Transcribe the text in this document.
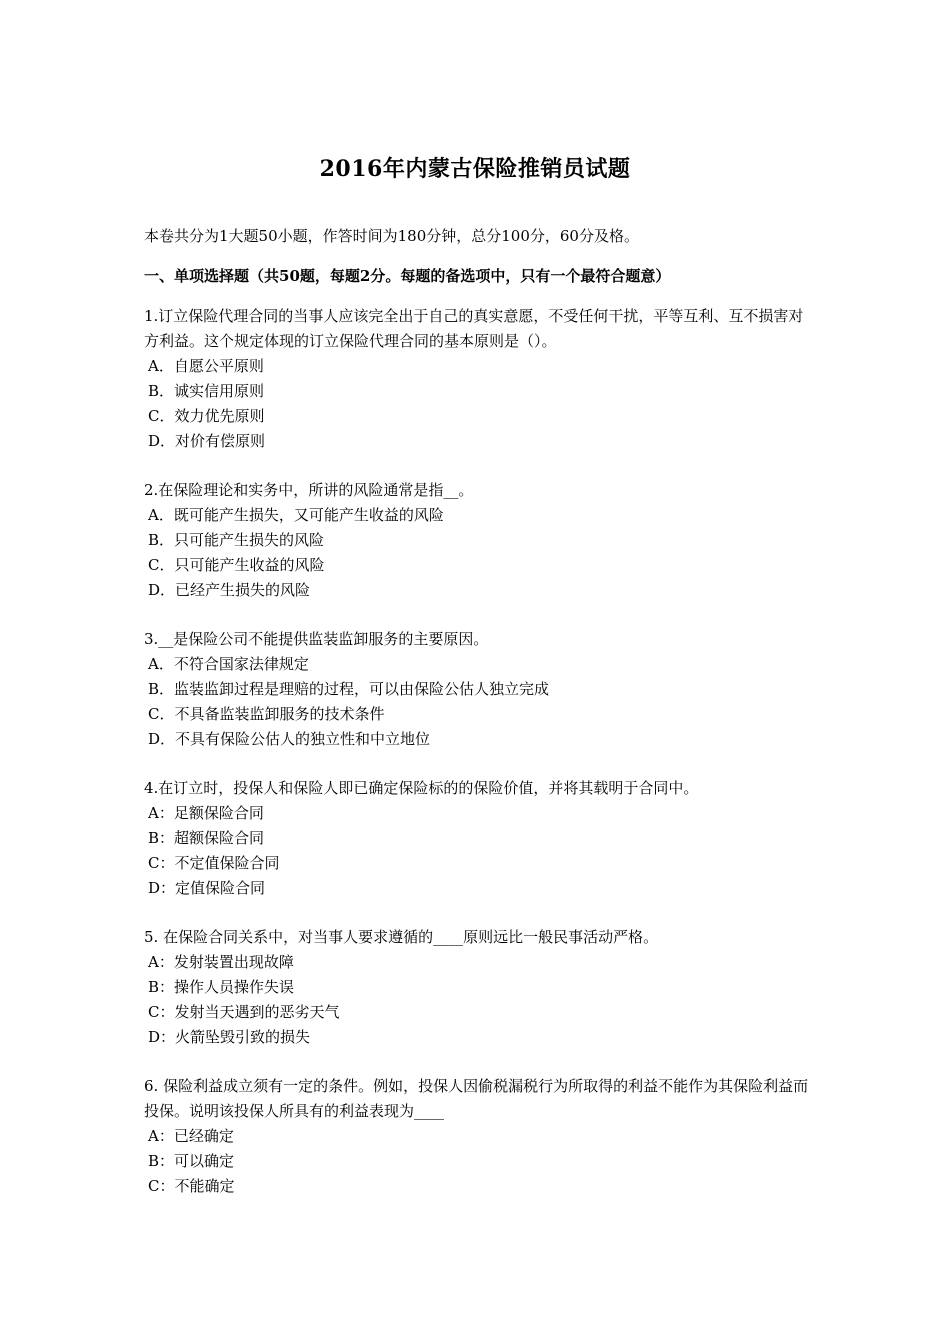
2016年内蒙古保险推销员试题

本卷共分为1大题50小题，作答时间为180分钟，总分100分，60分及格。

一、单项选择题（共50题，每题2分。每题的备选项中，只有一个最符合题意）

1.订立保险代理合同的当事人应该完全出于自己的真实意愿，不受任何干扰，平等互利、互不损害对方利益。这个规定体现的订立保险代理合同的基本原则是（）。

A．自愿公平原则

B．诚实信用原则

C．效力优先原则

D．对价有偿原则

2.在保险理论和实务中，所讲的风险通常是指__。

A．既可能产生损失，又可能产生收益的风险

B．只可能产生损失的风险

C．只可能产生收益的风险

D．已经产生损失的风险

3.__是保险公司不能提供监装监卸服务的主要原因。

A．不符合国家法律规定

B．监装监卸过程是理赔的过程，可以由保险公估人独立完成

C．不具备监装监卸服务的技术条件

D．不具有保险公估人的独立性和中立地位

4.在订立时，投保人和保险人即已确定保险标的的保险价值，并将其载明于合同中。

A：足额保险合同

B：超额保险合同

C：不定值保险合同

D：定值保险合同

5. 在保险合同关系中，对当事人要求遵循的____原则远比一般民事活动严格。

A：发射装置出现故障

B：操作人员操作失误

C：发射当天遇到的恶劣天气

D：火箭坠毁引致的损失

6. 保险利益成立须有一定的条件。例如，投保人因偷税漏税行为所取得的利益不能作为其保险利益而投保。说明该投保人所具有的利益表现为____

A：已经确定

B：可以确定

C：不能确定
